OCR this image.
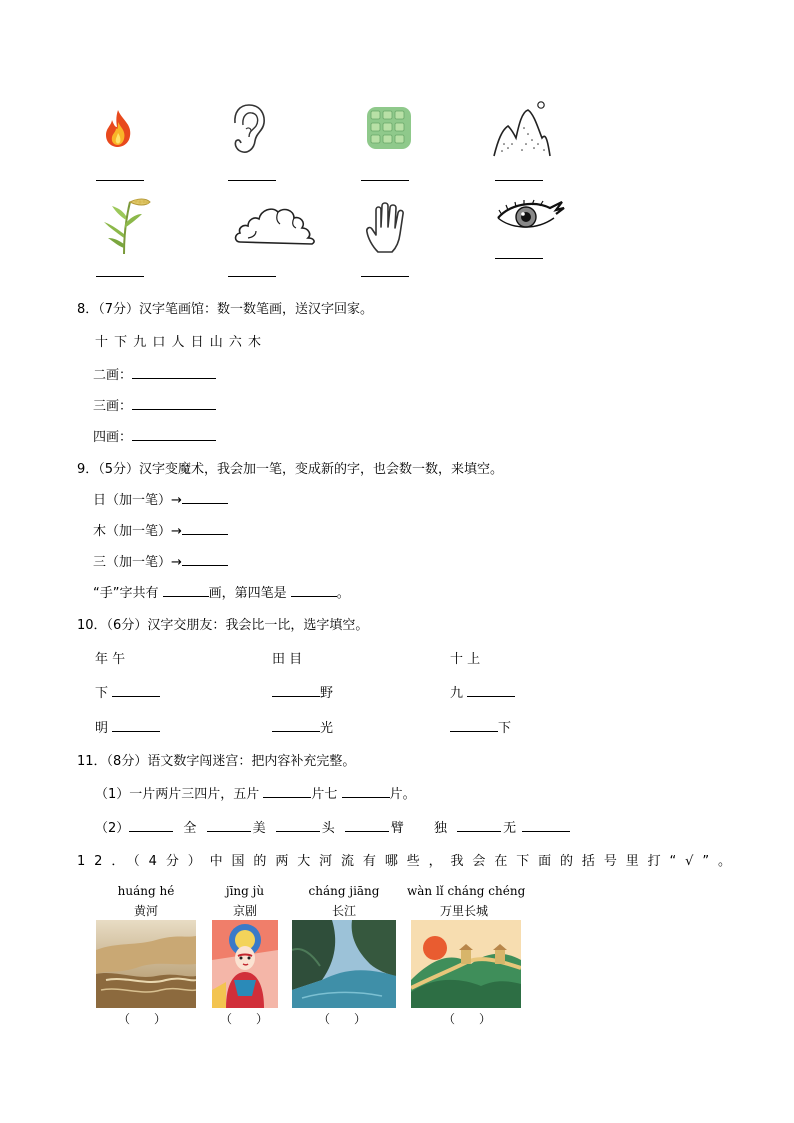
8．（7分）汉字笔画馆：数一数笔画，送汉字回家。
十 下 九 口 人 日 山 六 木
二画：
三画：
四画：
9．（5分）汉字变魔术，我会加一笔，变成新的字，也会数一数，来填空。
日（加一笔）→
木（加一笔）→
三（加一笔）→
“手”字共有	画，第四笔是	。
10．（6分）汉字交朋友：我会比一比，选字填空。
年 午	田 目	十 上
下	野	九
明	光	下
11．（8分）语文数字闯迷宫：把内容补充完整。
（1）一片两片三四片，五片	片七	片。
（2）	全	美	头	臂 独	无
12．（4分）中国的两大河流有哪些，我会在下面的括号里打“√”。
huáng hé
黄河
（　　）
jīng jù
京剧
（　　）
cháng jiāng
长江
（　　）
wàn lǐ cháng chéng
万里长城
（　　）
